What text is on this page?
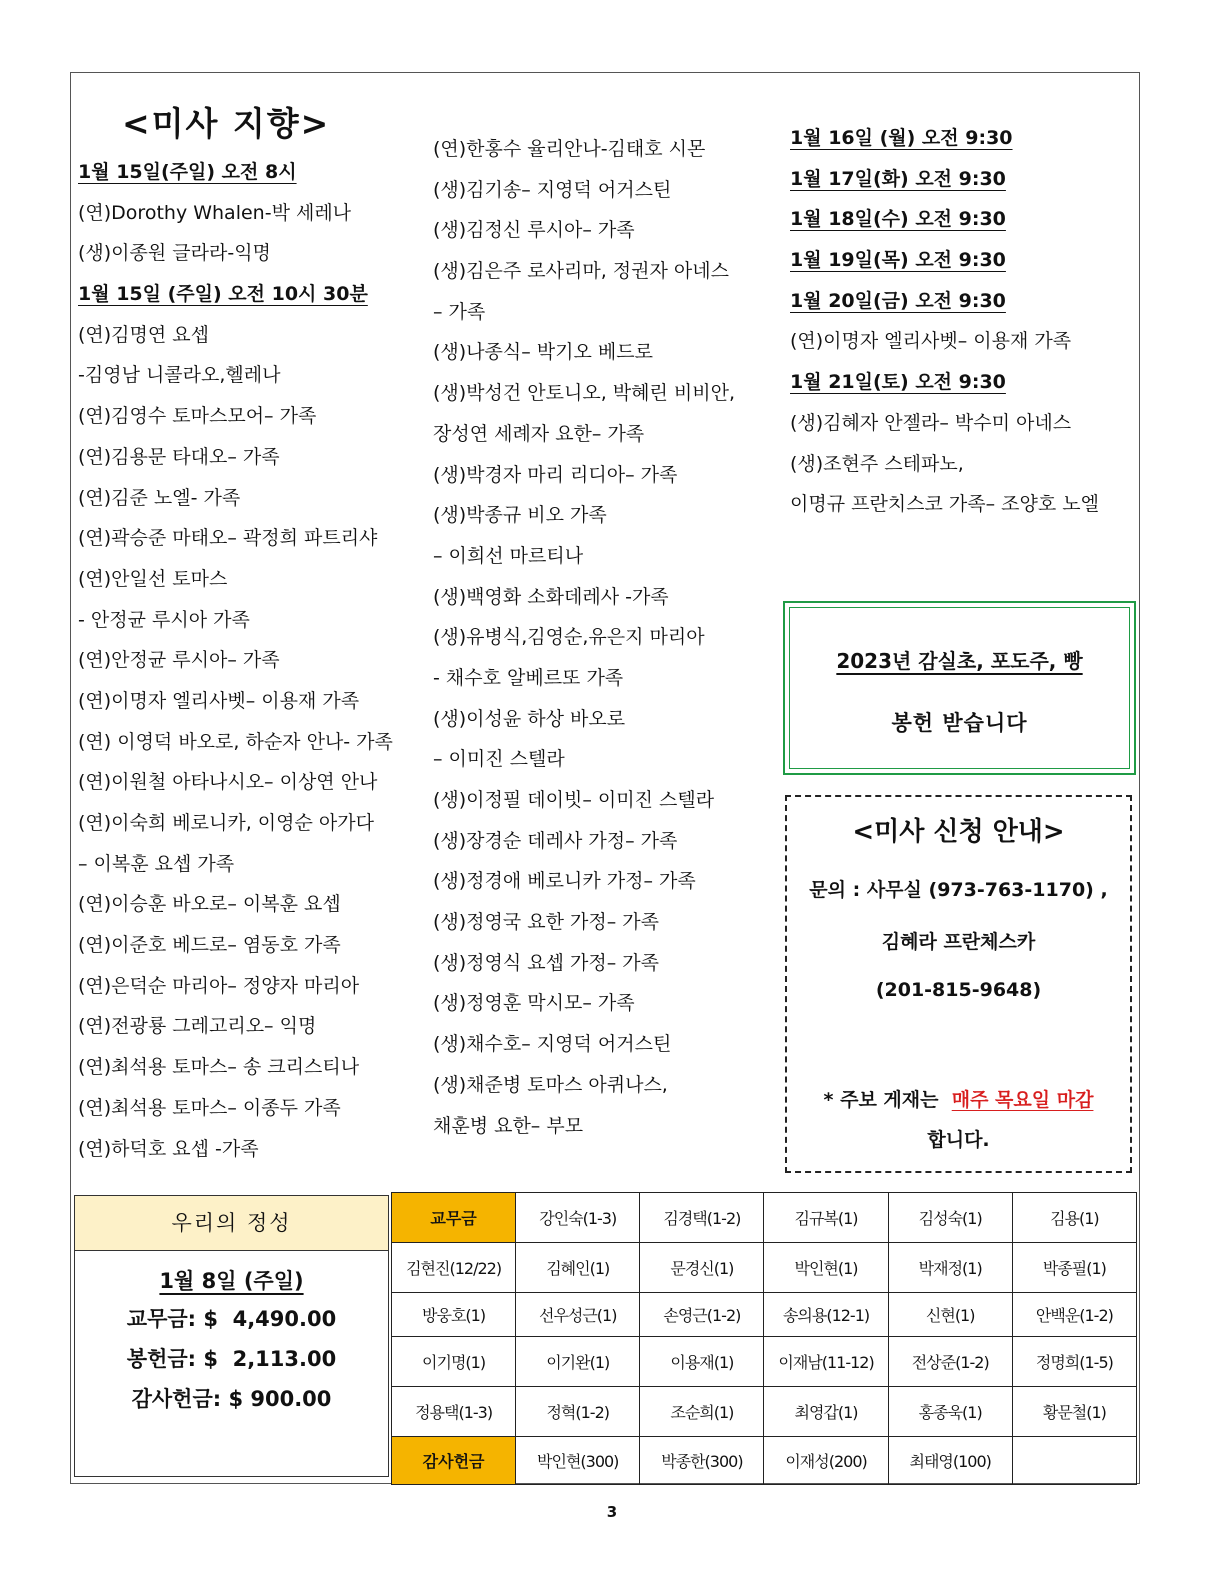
<미사 지향>
1월 15일(주일) 오전 8시
(연)Dorothy Whalen-박 세레나
(생)이종원 글라라-익명
1월 15일 (주일) 오전 10시 30분
(연)김명연 요셉
-김영남 니콜라오,헬레나
(연)김영수 토마스모어– 가족
(연)김용문 타대오– 가족
(연)김준 노엘- 가족
(연)곽승준 마태오– 곽정희 파트리샤
(연)안일선 토마스
- 안정균 루시아 가족
(연)안정균 루시아– 가족
(연)이명자 엘리사벳– 이용재 가족
(연) 이영덕 바오로, 하순자 안나- 가족
(연)이원철 아타나시오– 이상연 안나
(연)이숙희 베로니카, 이영순 아가다
– 이복훈 요셉 가족
(연)이승훈 바오로– 이복훈 요셉
(연)이준호 베드로– 염동호 가족
(연)은덕순 마리아– 정양자 마리아
(연)전광룡 그레고리오– 익명
(연)최석용 토마스– 송 크리스티나
(연)최석용 토마스– 이종두 가족
(연)하덕호 요셉 -가족
(연)한홍수 율리안나-김태호 시몬
(생)김기송– 지영덕 어거스틴
(생)김정신 루시아– 가족
(생)김은주 로사리마, 정권자 아네스
– 가족
(생)나종식– 박기오 베드로
(생)박성건 안토니오, 박혜린 비비안,
장성연 세례자 요한– 가족
(생)박경자 마리 리디아– 가족
(생)박종규 비오 가족
– 이희선 마르티나
(생)백영화 소화데레사 -가족
(생)유병식,김영순,유은지 마리아
- 채수호 알베르또 가족
(생)이성윤 하상 바오로
– 이미진 스텔라
(생)이정필 데이빗– 이미진 스텔라
(생)장경순 데레사 가정– 가족
(생)정경애 베로니카 가정– 가족
(생)정영국 요한 가정– 가족
(생)정영식 요셉 가정– 가족
(생)정영훈 막시모– 가족
(생)채수호– 지영덕 어거스틴
(생)채준병 토마스 아퀴나스,
채훈병 요한– 부모
1월 16일 (월) 오전 9:30
1월 17일(화) 오전 9:30
1월 18일(수) 오전 9:30
1월 19일(목) 오전 9:30
1월 20일(금) 오전 9:30
(연)이명자 엘리사벳– 이용재 가족
1월 21일(토) 오전 9:30
(생)김혜자 안젤라– 박수미 아네스
(생)조현주 스테파노,
이명규 프란치스코 가족– 조양호 노엘
2023년 감실초, 포도주, 빵
봉헌 받습니다
<미사 신청 안내>
문의 : 사무실 (973-763-1170) ,
김혜라 프란체스카
(201-815-9648)
* 주보 게재는 매주 목요일 마감
합니다.
우리의 정성
1월 8일 (주일)
교무금: $  4,490.00
봉헌금: $  2,113.00
감사헌금: $ 900.00
교무금	강인숙(1-3)	김경택(1-2)	김규복(1)	김성숙(1)	김용(1)
김현진(12/22)	김혜인(1)	문경신(1)	박인현(1)	박재정(1)	박종필(1)
방웅호(1)	선우성근(1)	손영근(1-2)	송의용(12-1)	신현(1)	안백운(1-2)
이기명(1)	이기완(1)	이용재(1)	이재남(11-12)	전상준(1-2)	정명희(1-5)
정용택(1-3)	정혁(1-2)	조순희(1)	최영갑(1)	홍종욱(1)	황문철(1)
감사헌금	박인현(300)	박종한(300)	이재성(200)	최태영(100)	
3
